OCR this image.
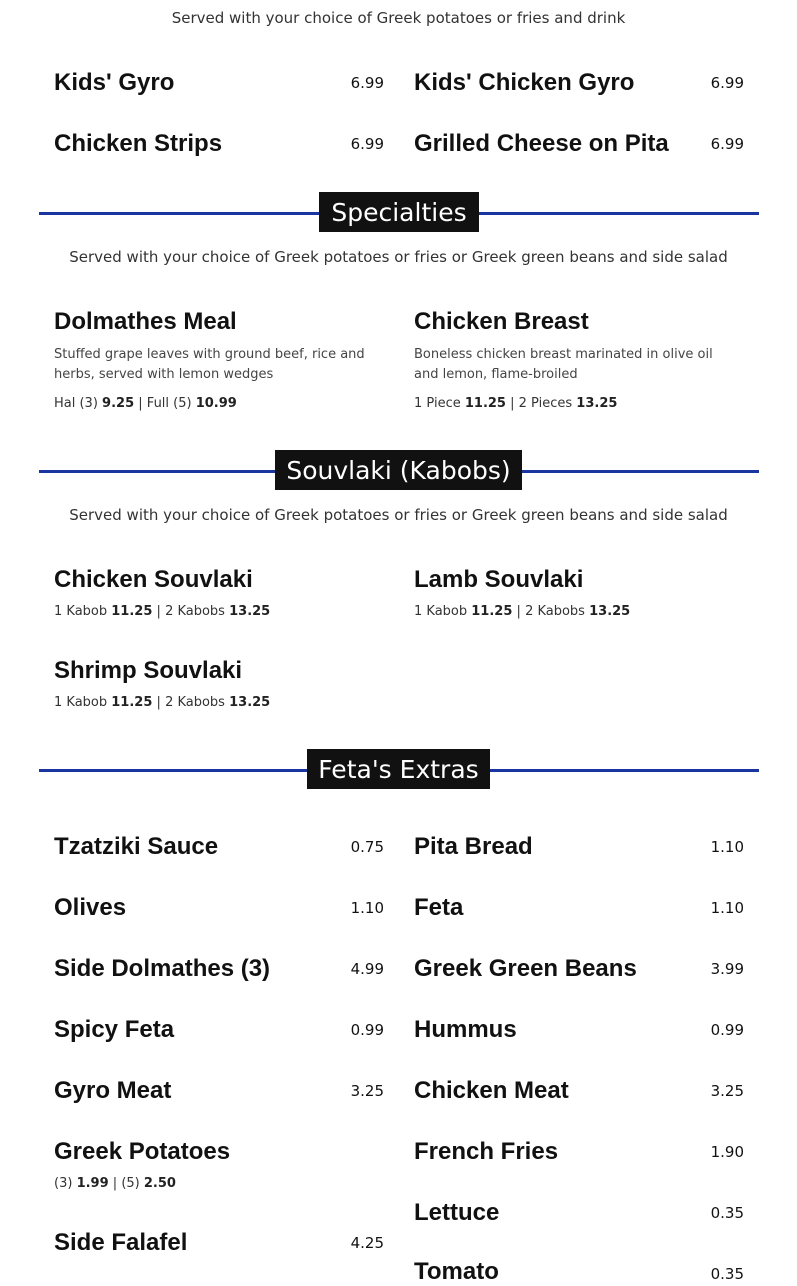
Served with your choice of Greek potatoes or fries and drink
Kids' Gyro	6.99 Kids' Chicken Gyro	6.99
Chicken Strips	6.99 Grilled Cheese on Pita	6.99
Specialties
Served with your choice of Greek potatoes or fries or Greek green beans and side salad
Dolmathes Meal
Stuffed grape leaves with ground beef, rice and herbs, served with lemon wedges
Hal (3) 9.25 | Full (5) 10.99
Chicken Breast
Boneless chicken breast marinated in olive oil and lemon, flame-broiled
1 Piece 11.25 | 2 Pieces 13.25
Souvlaki (Kabobs)
Served with your choice of Greek potatoes or fries or Greek green beans and side salad
Chicken Souvlaki
1 Kabob 11.25 | 2 Kabobs 13.25
Lamb Souvlaki
1 Kabob 11.25 | 2 Kabobs 13.25
Shrimp Souvlaki
1 Kabob 11.25 | 2 Kabobs 13.25
Feta's Extras
Tzatziki Sauce	0.75
Olives	1.10
Side Dolmathes (3)	4.99
Spicy Feta	0.99
Gyro Meat	3.25
Greek Potatoes
(3) 1.99 | (5) 2.50
Side Falafel	4.25
Pita Bread	1.10
Feta	1.10
Greek Green Beans	3.99
Hummus	0.99
Chicken Meat	3.25
French Fries	1.90
Lettuce	0.35
Tomato	0.35
